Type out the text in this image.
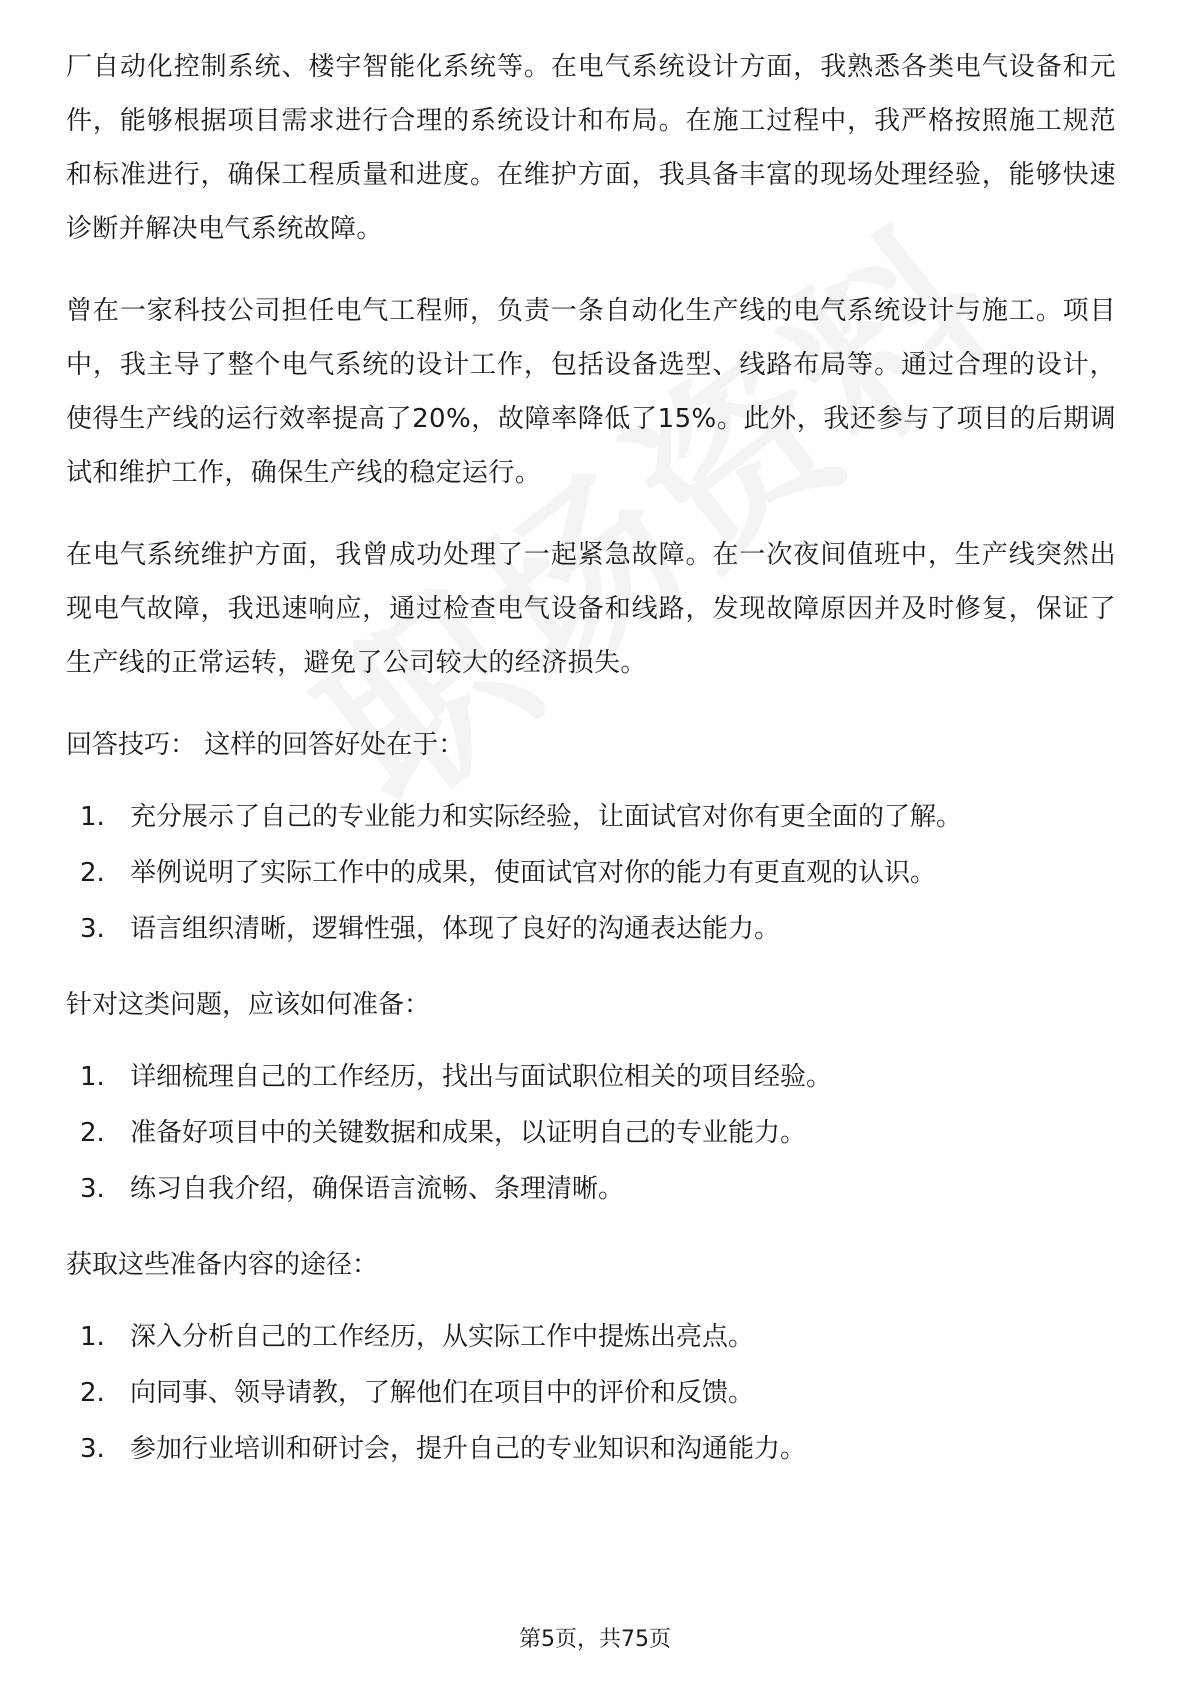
厂自动化控制系统、楼宇智能化系统等。在电气系统设计方面，我熟悉各类电气设备和元件，能够根据项目需求进行合理的系统设计和布局。在施工过程中，我严格按照施工规范和标准进行，确保工程质量和进度。在维护方面，我具备丰富的现场处理经验，能够快速诊断并解决电气系统故障。

曾在一家科技公司担任电气工程师，负责一条自动化生产线的电气系统设计与施工。项目中，我主导了整个电气系统的设计工作，包括设备选型、线路布局等。通过合理的设计，使得生产线的运行效率提高了20%，故障率降低了15%。此外，我还参与了项目的后期调试和维护工作，确保生产线的稳定运行。

在电气系统维护方面，我曾成功处理了一起紧急故障。在一次夜间值班中，生产线突然出现电气故障，我迅速响应，通过检查电气设备和线路，发现故障原因并及时修复，保证了生产线的正常运转，避免了公司较大的经济损失。

回答技巧： 这样的回答好处在于：

1. 充分展示了自己的专业能力和实际经验，让面试官对你有更全面的了解。
2. 举例说明了实际工作中的成果，使面试官对你的能力有更直观的认识。
3. 语言组织清晰，逻辑性强，体现了良好的沟通表达能力。

针对这类问题，应该如何准备：

1. 详细梳理自己的工作经历，找出与面试职位相关的项目经验。
2. 准备好项目中的关键数据和成果，以证明自己的专业能力。
3. 练习自我介绍，确保语言流畅、条理清晰。

获取这些准备内容的途径：

1. 深入分析自己的工作经历，从实际工作中提炼出亮点。
2. 向同事、领导请教，了解他们在项目中的评价和反馈。
3. 参加行业培训和研讨会，提升自己的专业知识和沟通能力。
第5页，共75页
